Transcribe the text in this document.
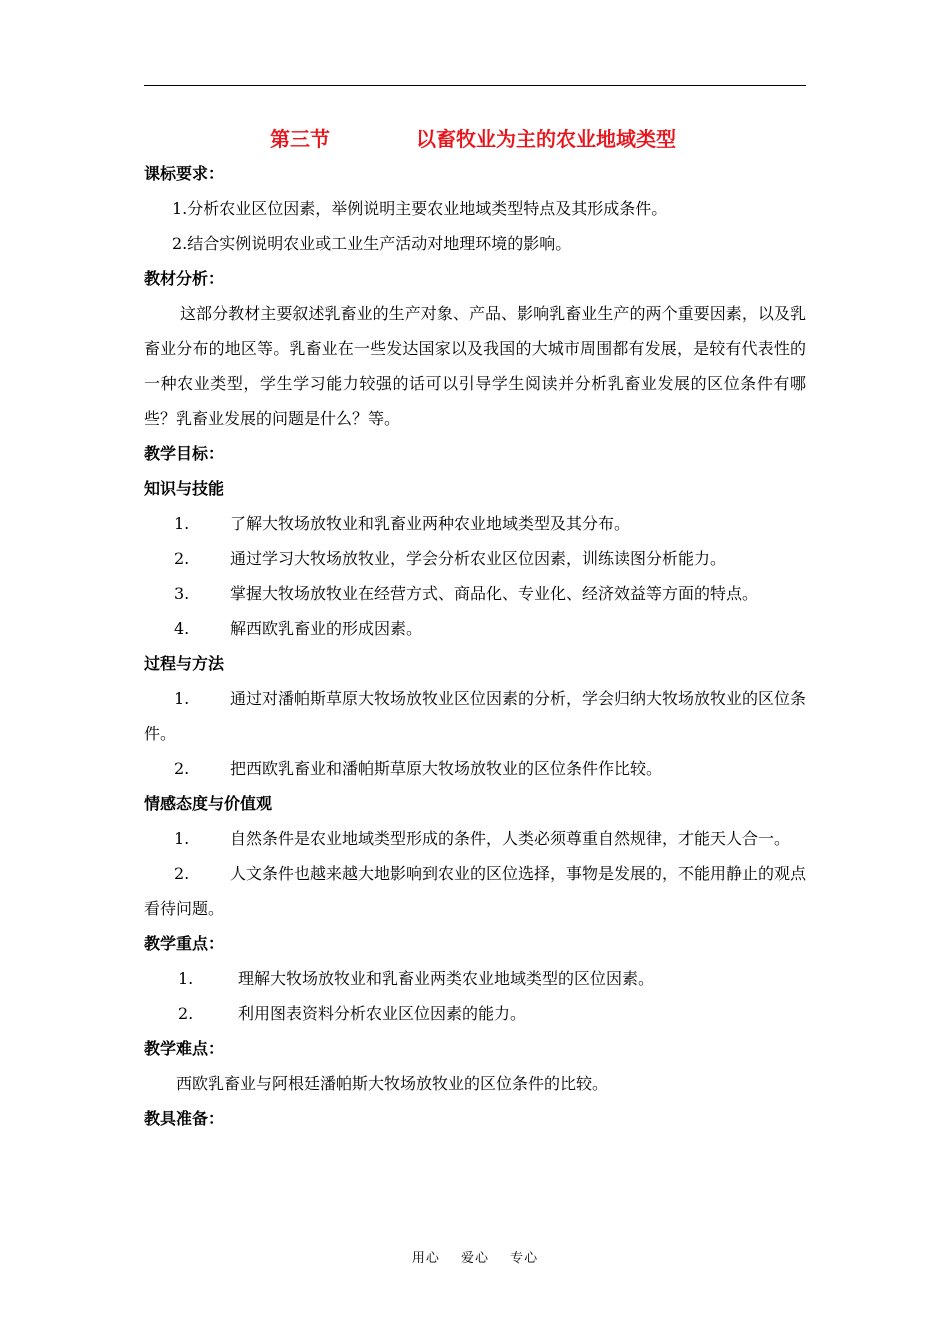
第三节	以畜牧业为主的农业地域类型
课标要求：
1.分析农业区位因素，举例说明主要农业地域类型特点及其形成条件。
2.结合实例说明农业或工业生产活动对地理环境的影响。
教材分析：
这部分教材主要叙述乳畜业的生产对象、产品、影响乳畜业生产的两个重要因素，以及乳畜业分布的地区等。乳畜业在一些发达国家以及我国的大城市周围都有发展，是较有代表性的一种农业类型，学生学习能力较强的话可以引导学生阅读并分析乳畜业发展的区位条件有哪些？乳畜业发展的问题是什么？等。
教学目标：
知识与技能
1.	了解大牧场放牧业和乳畜业两种农业地域类型及其分布。
2.	通过学习大牧场放牧业，学会分析农业区位因素，训练读图分析能力。
3.	掌握大牧场放牧业在经营方式、商品化、专业化、经济效益等方面的特点。
4.	解西欧乳畜业的形成因素。
过程与方法
1.	通过对潘帕斯草原大牧场放牧业区位因素的分析，学会归纳大牧场放牧业的区位条件。
2.	把西欧乳畜业和潘帕斯草原大牧场放牧业的区位条件作比较。
情感态度与价值观
1.	自然条件是农业地域类型形成的条件，人类必须尊重自然规律，才能天人合一。
2.	人文条件也越来越大地影响到农业的区位选择，事物是发展的，不能用静止的观点看待问题。
教学重点：
1.	理解大牧场放牧业和乳畜业两类农业地域类型的区位因素。
2.	利用图表资料分析农业区位因素的能力。
教学难点：
西欧乳畜业与阿根廷潘帕斯大牧场放牧业的区位条件的比较。
教具准备：
用心 爱心 专心
